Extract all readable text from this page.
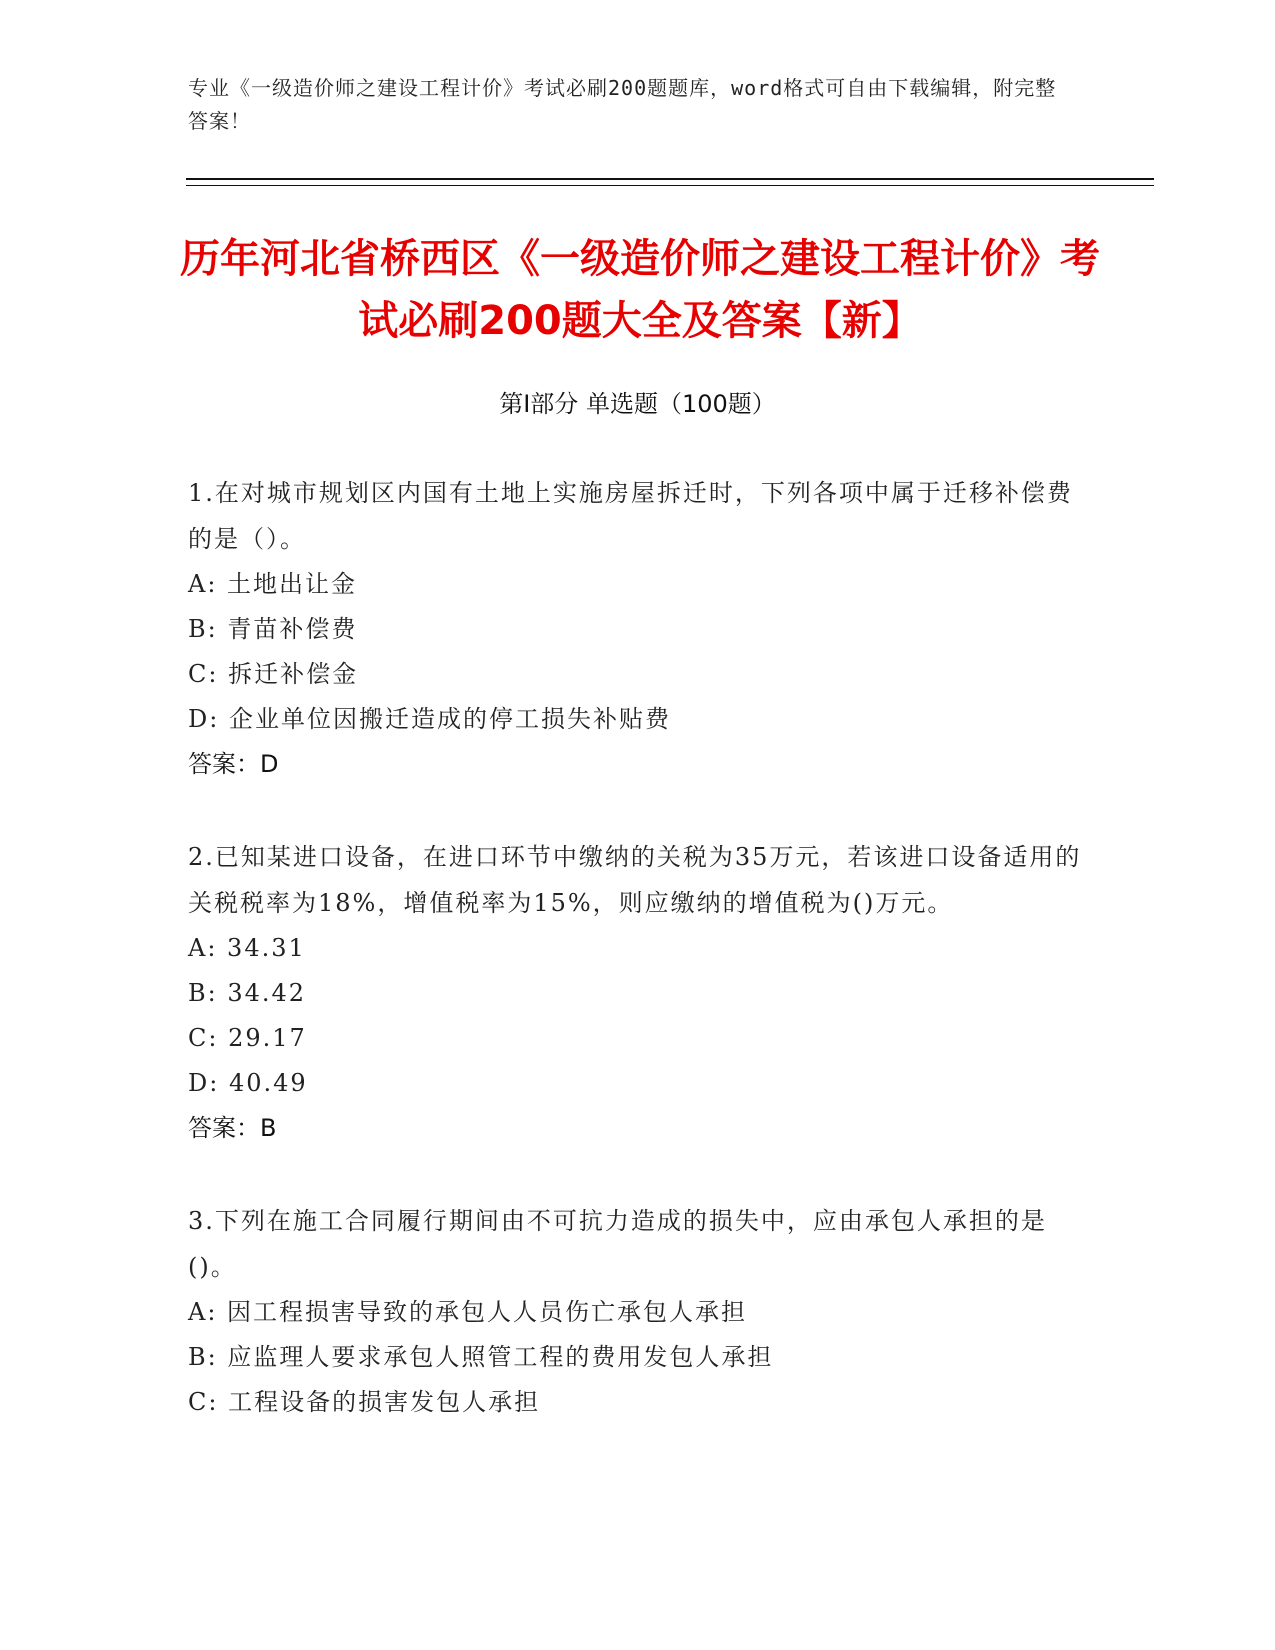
专业《一级造价师之建设工程计价》考试必刷200题题库，word格式可自由下载编辑，附完整答案！
历年河北省桥西区《一级造价师之建设工程计价》考试必刷200题大全及答案【新】
第Ⅰ部分 单选题（100题）

1.在对城市规划区内国有土地上实施房屋拆迁时，下列各项中属于迁移补偿费的是（）。

A: 土地出让金

B: 青苗补偿费

C: 拆迁补偿金

D: 企业单位因搬迁造成的停工损失补贴费

答案：D

2.已知某进口设备，在进口环节中缴纳的关税为35万元，若该进口设备适用的关税税率为18%，增值税率为15%，则应缴纳的增值税为()万元。

A: 34.31

B: 34.42

C: 29.17

D: 40.49

答案：B

3.下列在施工合同履行期间由不可抗力造成的损失中，应由承包人承担的是()。

A: 因工程损害导致的承包人人员伤亡承包人承担

B: 应监理人要求承包人照管工程的费用发包人承担

C: 工程设备的损害发包人承担
